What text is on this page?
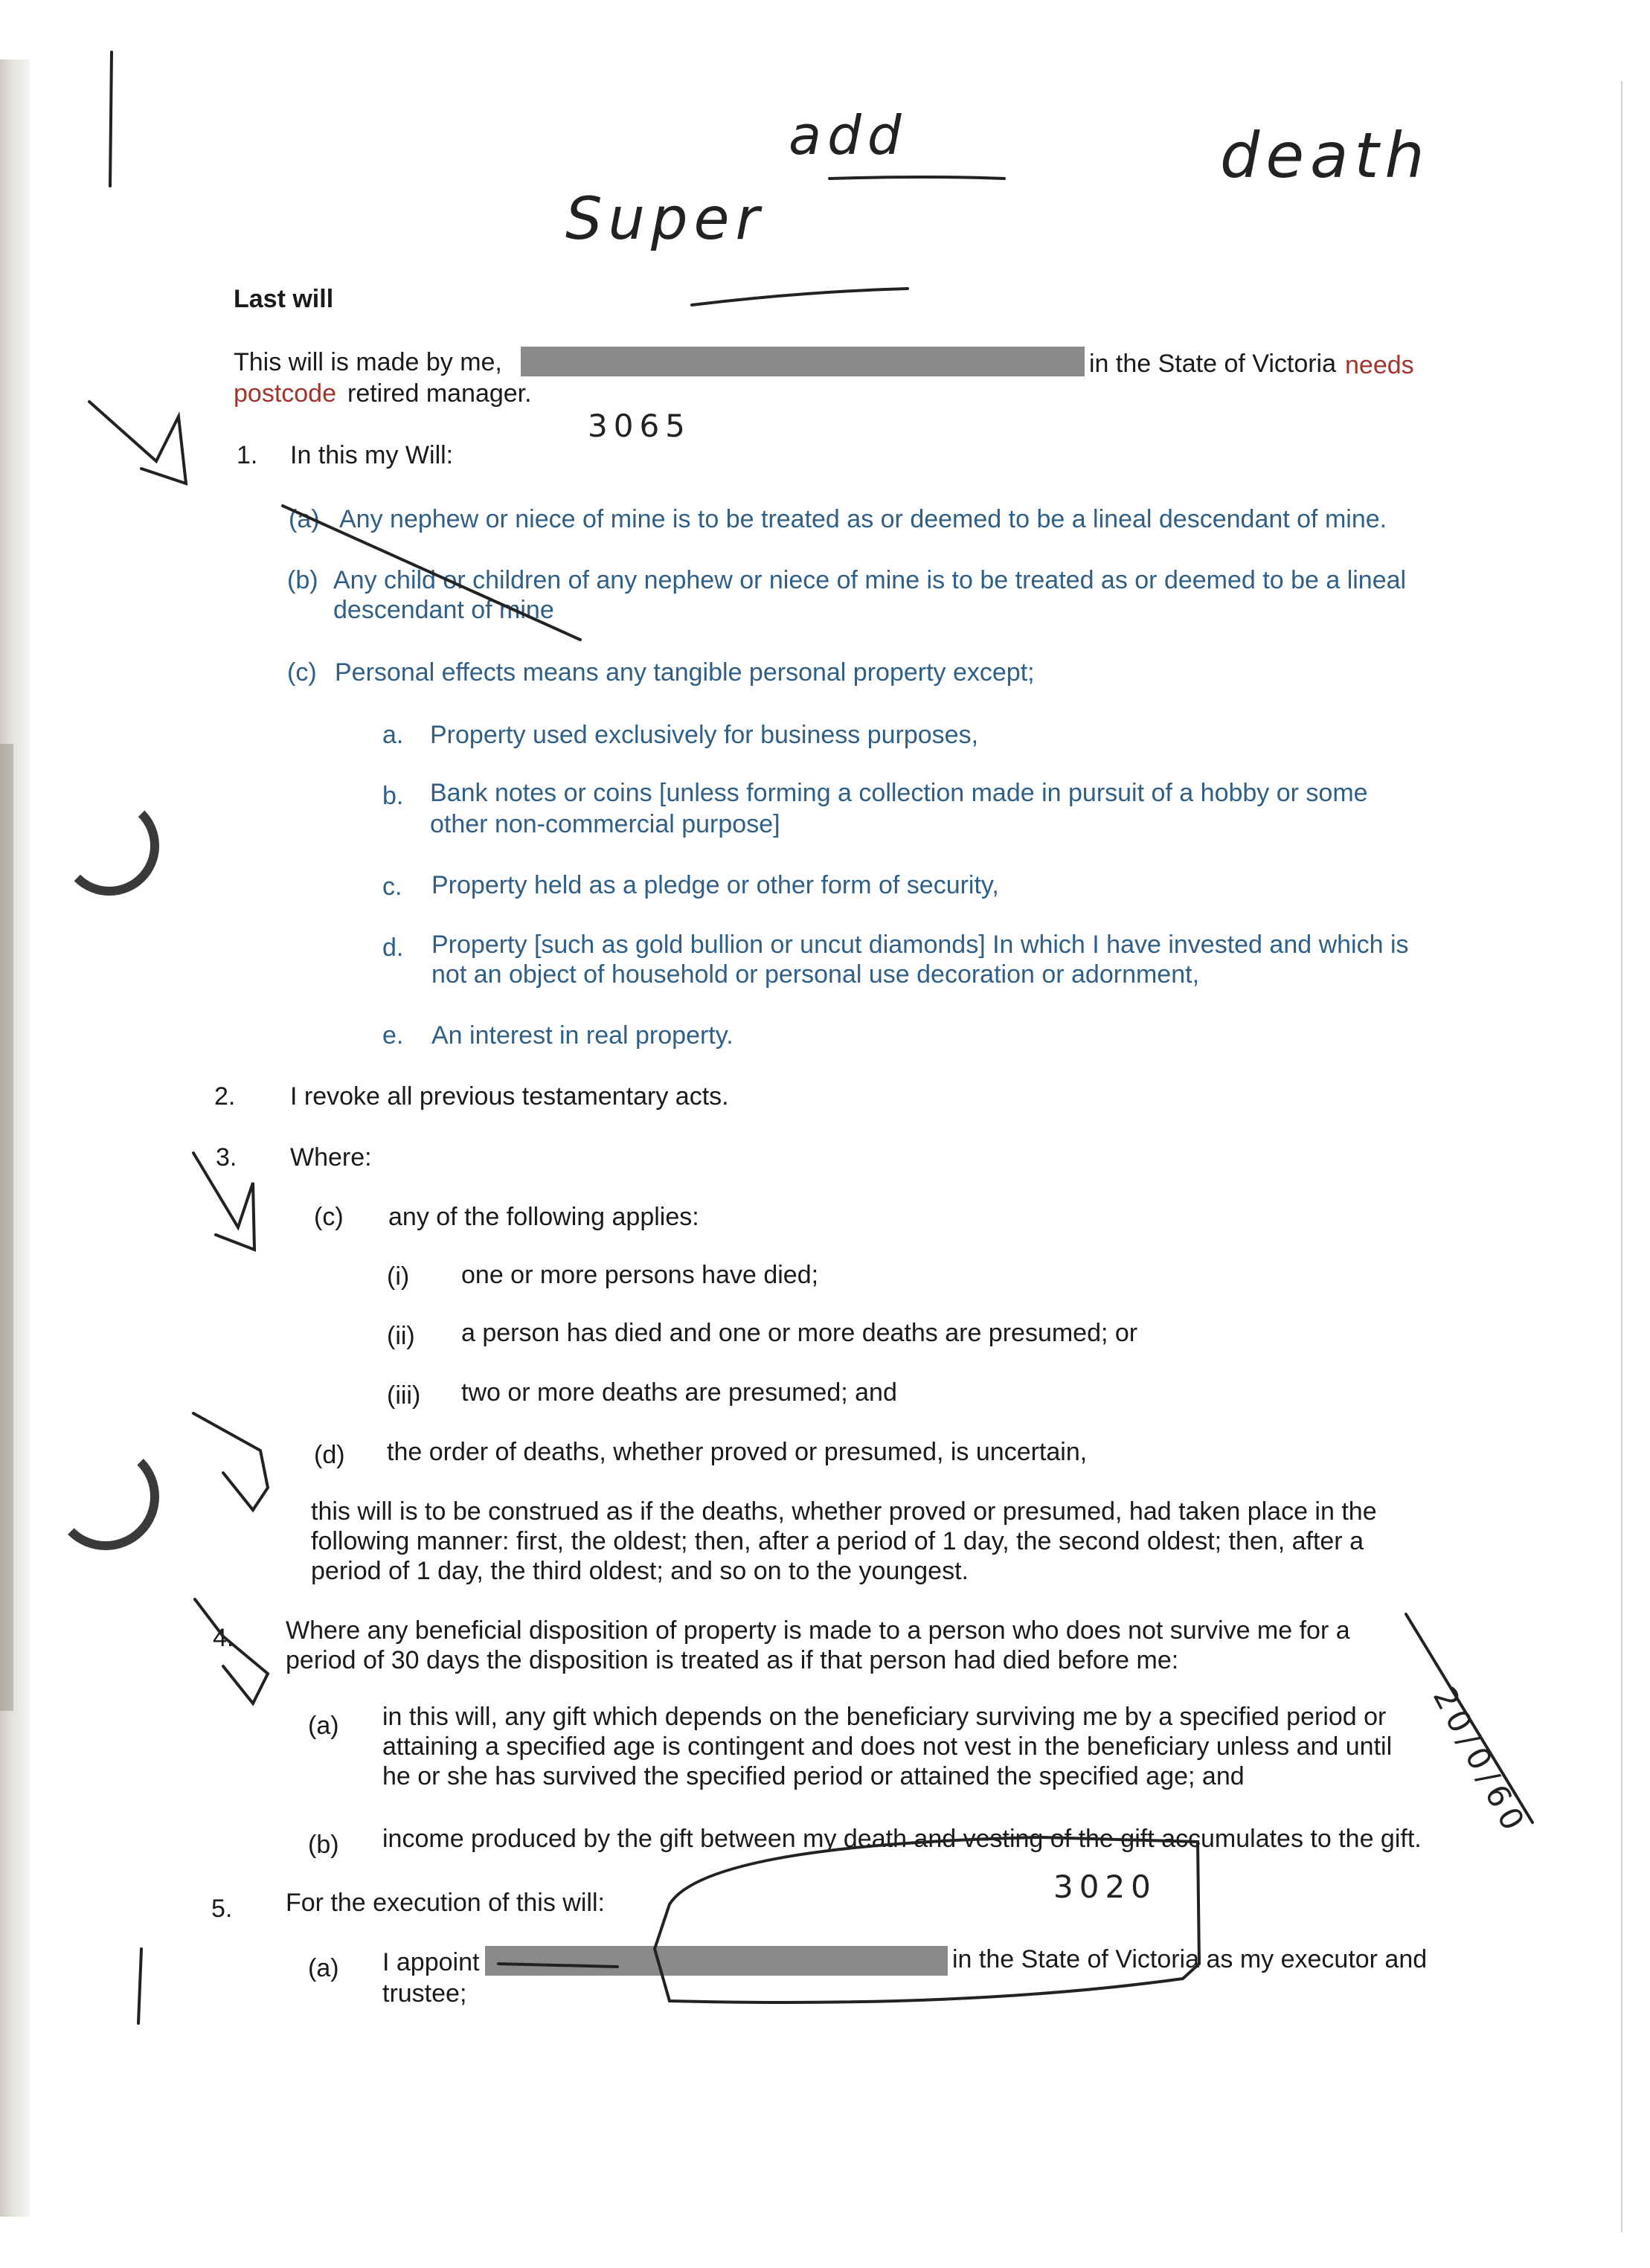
Last will
This will is made by me,	in the State of Victoria needs
postcode retired manager.
1. In this my Will:
(a) Any nephew or niece of mine is to be treated as or deemed to be a lineal descendant of mine.
(b) Any child or children of any nephew or niece of mine is to be treated as or deemed to be a lineal
descendant of mine
(c) Personal effects means any tangible personal property except;
a. Property used exclusively for business purposes,
b. Bank notes or coins [unless forming a collection made in pursuit of a hobby or some
other non-commercial purpose]
c. Property held as a pledge or other form of security,
d. Property [such as gold bullion or uncut diamonds] In which I have invested and which is
not an object of household or personal use decoration or adornment,
e. An interest in real property.
2. I revoke all previous testamentary acts.
3. Where:
(c) any of the following applies:
(i) one or more persons have died;
(ii) a person has died and one or more deaths are presumed; or
(iii) two or more deaths are presumed; and
(d) the order of deaths, whether proved or presumed, is uncertain,
this will is to be construed as if the deaths, whether proved or presumed, had taken place in the
following manner: first, the oldest; then, after a period of 1 day, the second oldest; then, after a
period of 1 day, the third oldest; and so on to the youngest.
4. Where any beneficial disposition of property is made to a person who does not survive me for a
period of 30 days the disposition is treated as if that person had died before me:
(a) in this will, any gift which depends on the beneficiary surviving me by a specified period or
attaining a specified age is contingent and does not vest in the beneficiary unless and until
he or she has survived the specified period or attained the specified age; and
(b) income produced by the gift between my death and vesting of the gift accumulates to the gift.
5. For the execution of this will:
(a) I appoint	in the State of Victoria as my executor and
trustee;
add
Super
death
3065
3020
20/0/60
